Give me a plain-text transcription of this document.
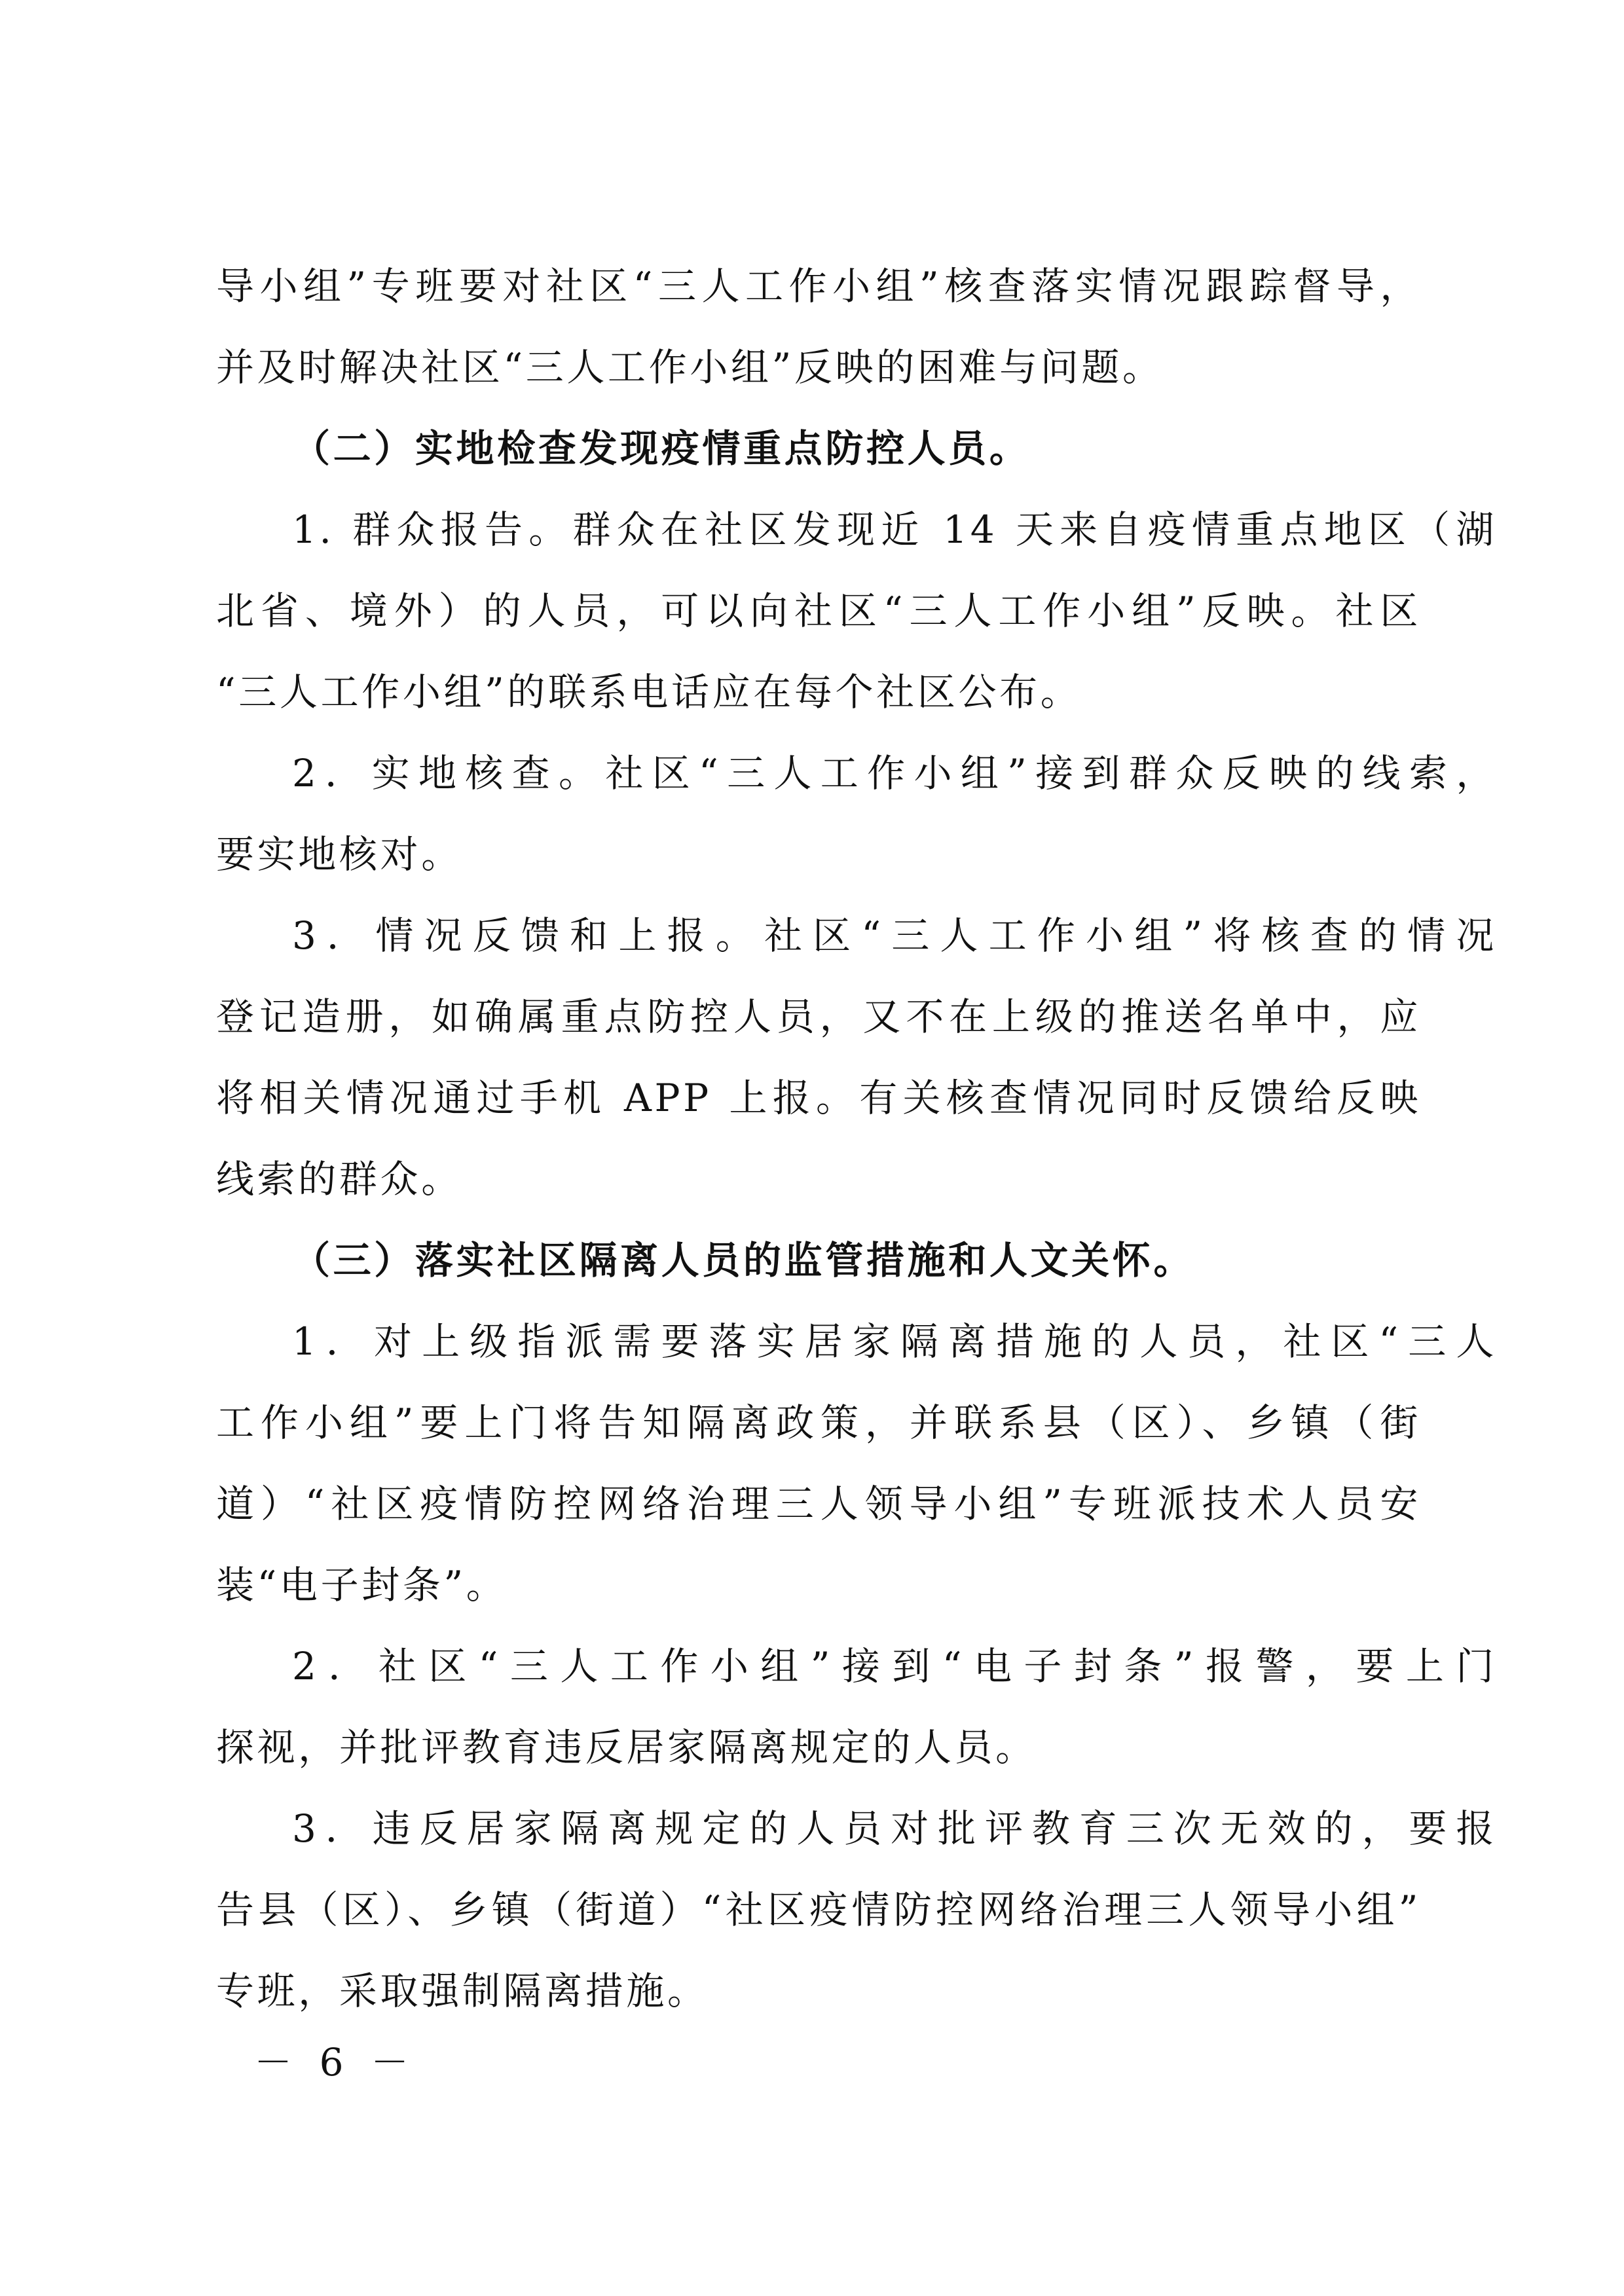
导小组”专班要对社区“三人工作小组”核查落实情况跟踪督导，
并及时解决社区“三人工作小组”反映的困难与问题。
（二）实地检查发现疫情重点防控人员。
1. 群众报告。群众在社区发现近 14 天来自疫情重点地区（湖
北省、境外）的人员，可以向社区“三人工作小组”反映。社区
“三人工作小组”的联系电话应在每个社区公布。
2．实地核查。社区“三人工作小组”接到群众反映的线索，
要实地核对。
3．情况反馈和上报。社区“三人工作小组”将核查的情况
登记造册，如确属重点防控人员，又不在上级的推送名单中，应
将相关情况通过手机 APP 上报。有关核查情况同时反馈给反映
线索的群众。
（三）落实社区隔离人员的监管措施和人文关怀。
1．对上级指派需要落实居家隔离措施的人员，社区“三人
工作小组”要上门将告知隔离政策，并联系县（区）、乡镇（街
道）“社区疫情防控网络治理三人领导小组”专班派技术人员安
装“电子封条”。
2．社区“三人工作小组”接到“电子封条”报警，要上门
探视，并批评教育违反居家隔离规定的人员。
3．违反居家隔离规定的人员对批评教育三次无效的，要报
告县（区）、乡镇（街道）“社区疫情防控网络治理三人领导小组”
专班，采取强制隔离措施。
－ 6 －
